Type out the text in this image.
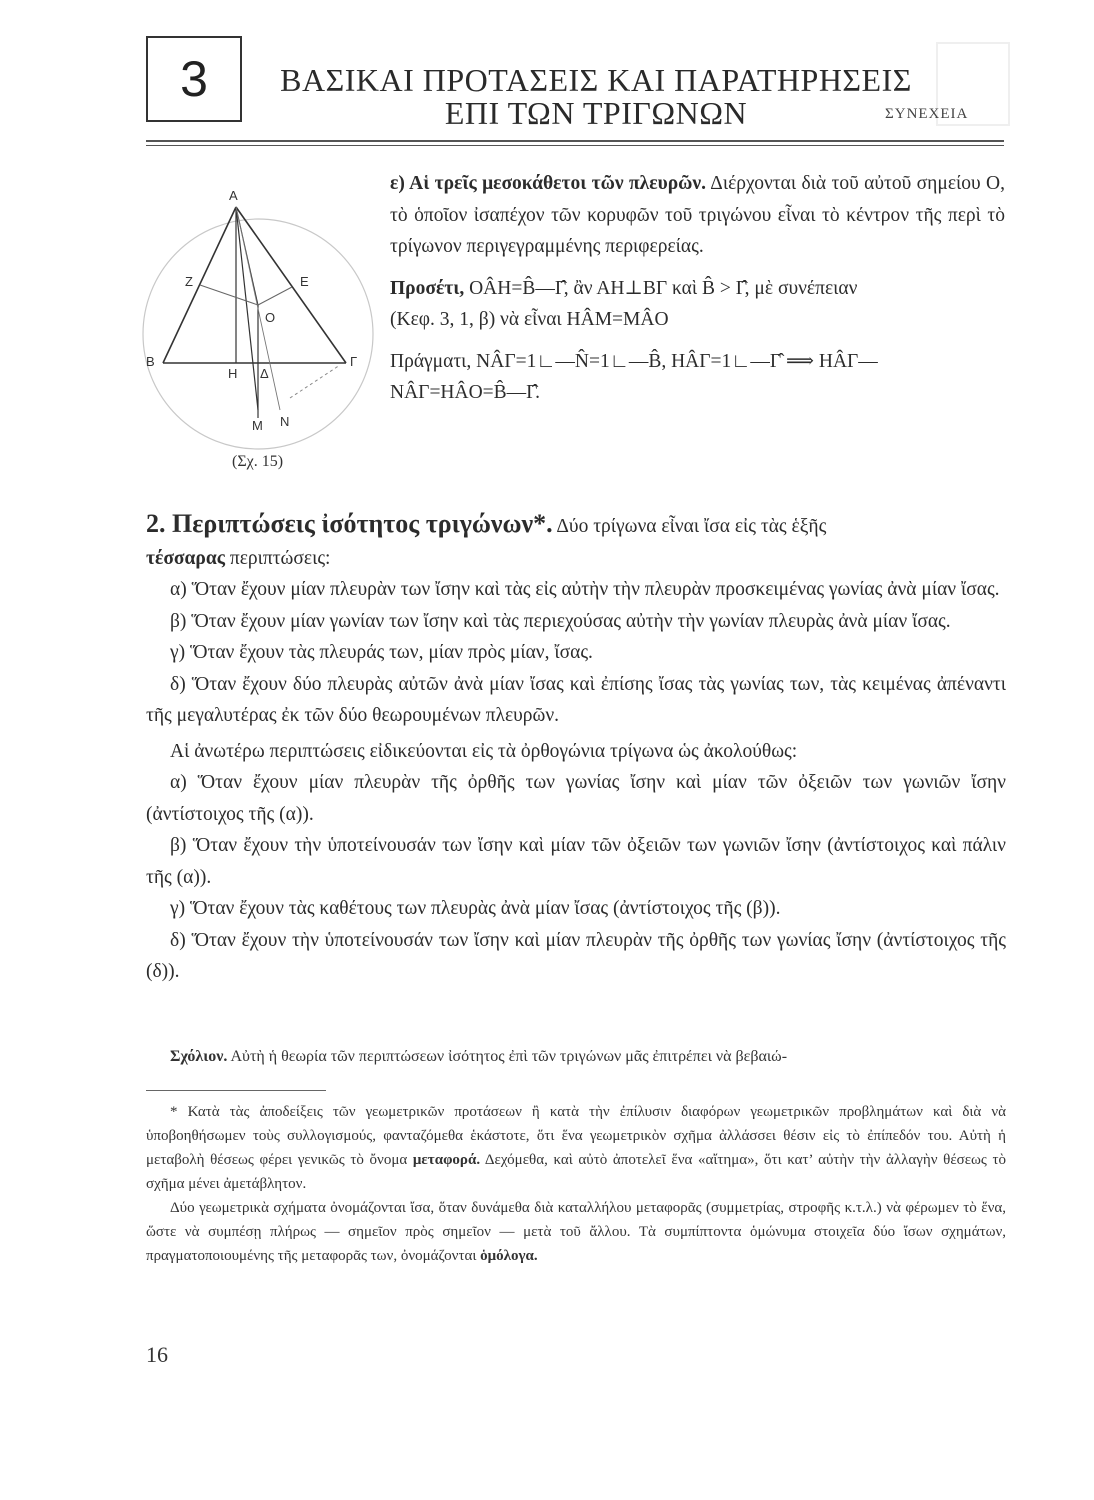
3	ΒΑΣΙΚΑΙ ΠΡΟΤΑΣΕΙΣ ΚΑΙ ΠΑΡΑΤΗΡΗΣΕΙΣ
ΕΠΙ ΤΩΝ ΤΡΙΓΩΝΩΝ	ΣΥΝΕΧΕΙΑ
A
Z	E
O
B
H Δ
Γ
M N
(Σχ. 15)

ε) Αἱ τρεῖς μεσοκάθετοι τῶν πλευρῶν. Διέρχονται διὰ τοῦ αὐτοῦ σημείου O, τὸ ὁποῖον ἰσαπέχον τῶν κορυφῶν τοῦ τριγώνου εἶναι τὸ κέντρον τῆς περὶ τὸ τρίγωνον περιγεγραμμένης περιφερείας.

Προσέτι, ΟÂΗ=B̂—Γ̂, ἂν ΑΗ⊥ΒΓ καὶ B̂ > Γ̂, μὲ συνέπειαν

(Κεφ. 3, 1, β) νὰ εἶναι ΗÂΜ=ΜÂΟ

Πράγματι, ΝÂΓ=1∟—N̂=1∟—B̂, ΗÂΓ=1∟—Γ̂ ⟹ ΗÂΓ—

ΝÂΓ=ΗÂΟ=B̂—Γ̂.

2. Περιπτώσεις ἰσότητος τριγώνων*. Δύο τρίγωνα εἶναι ἴσα εἰς τὰς ἑξῆς
τέσσαρας περιπτώσεις:

α) Ὅταν ἔχουν μίαν πλευρὰν των ἴσην καὶ τὰς εἰς αὐτὴν τὴν πλευρὰν προσκειμένας γωνίας ἀνὰ μίαν ἴσας.

β) Ὅταν ἔχουν μίαν γωνίαν των ἴσην καὶ τὰς περιεχούσας αὐτὴν τὴν γωνίαν πλευρὰς ἀνὰ μίαν ἴσας.

γ) Ὅταν ἔχουν τὰς πλευράς των, μίαν πρὸς μίαν, ἴσας.

δ) Ὅταν ἔχουν δύο πλευρὰς αὐτῶν ἀνὰ μίαν ἴσας καὶ ἐπίσης ἴσας τὰς γωνίας των, τὰς κειμένας ἀπέναντι τῆς μεγαλυτέρας ἐκ τῶν δύο θεωρουμένων πλευρῶν.

Αἱ ἀνωτέρω περιπτώσεις εἰδικεύονται εἰς τὰ ὀρθογώνια τρίγωνα ὡς ἀκολούθως:

α) Ὅταν ἔχουν μίαν πλευρὰν τῆς ὀρθῆς των γωνίας ἴσην καὶ μίαν τῶν ὀξειῶν των γωνιῶν ἴσην (ἀντίστοιχος τῆς (α)).

β) Ὅταν ἔχουν τὴν ὑποτείνουσάν των ἴσην καὶ μίαν τῶν ὀξειῶν των γωνιῶν ἴσην (ἀντίστοιχος καὶ πάλιν τῆς (α)).

γ) Ὅταν ἔχουν τὰς καθέτους των πλευρὰς ἀνὰ μίαν ἴσας (ἀντίστοιχος τῆς (β)).

δ) Ὅταν ἔχουν τὴν ὑποτείνουσάν των ἴσην καὶ μίαν πλευρὰν τῆς ὀρθῆς των γωνίας ἴσην (ἀντίστοιχος τῆς (δ)).

Σχόλιον. Αὐτὴ ἡ θεωρία τῶν περιπτώσεων ἰσότητος ἐπὶ τῶν τριγώνων μᾶς ἐπιτρέπει νὰ βεβαιώ-

* Κατὰ τὰς ἀποδείξεις τῶν γεωμετρικῶν προτάσεων ἢ κατὰ τὴν ἐπίλυσιν διαφόρων γεωμετρικῶν προβλημάτων καὶ διὰ νὰ ὑποβοηθήσωμεν τοὺς συλλογισμούς, φανταζόμεθα ἑκάστοτε, ὅτι ἕνα γεωμετρικὸν σχῆμα ἀλλάσσει θέσιν εἰς τὸ ἐπίπεδόν του. Αὐτὴ ἡ μεταβολὴ θέσεως φέρει γενικῶς τὸ ὄνομα μεταφορά. Δεχόμεθα, καὶ αὐτὸ ἀποτελεῖ ἕνα «αἴτημα», ὅτι κατ’ αὐτὴν τὴν ἀλλαγὴν θέσεως τὸ σχῆμα μένει ἀμετάβλητον.

Δύο γεωμετρικὰ σχήματα ὀνομάζονται ἴσα, ὅταν δυνάμεθα διὰ καταλλήλου μεταφορᾶς (συμμετρίας, στροφῆς κ.τ.λ.) νὰ φέρωμεν τὸ ἕνα, ὥστε νὰ συμπέσῃ πλήρως — σημεῖον πρὸς σημεῖον — μετὰ τοῦ ἄλλου. Τὰ συμπίπτοντα ὁμώνυμα στοιχεῖα δύο ἴσων σχημάτων, πραγματοποιουμένης τῆς μεταφορᾶς των, ὀνομάζονται ὁμόλογα.

16
